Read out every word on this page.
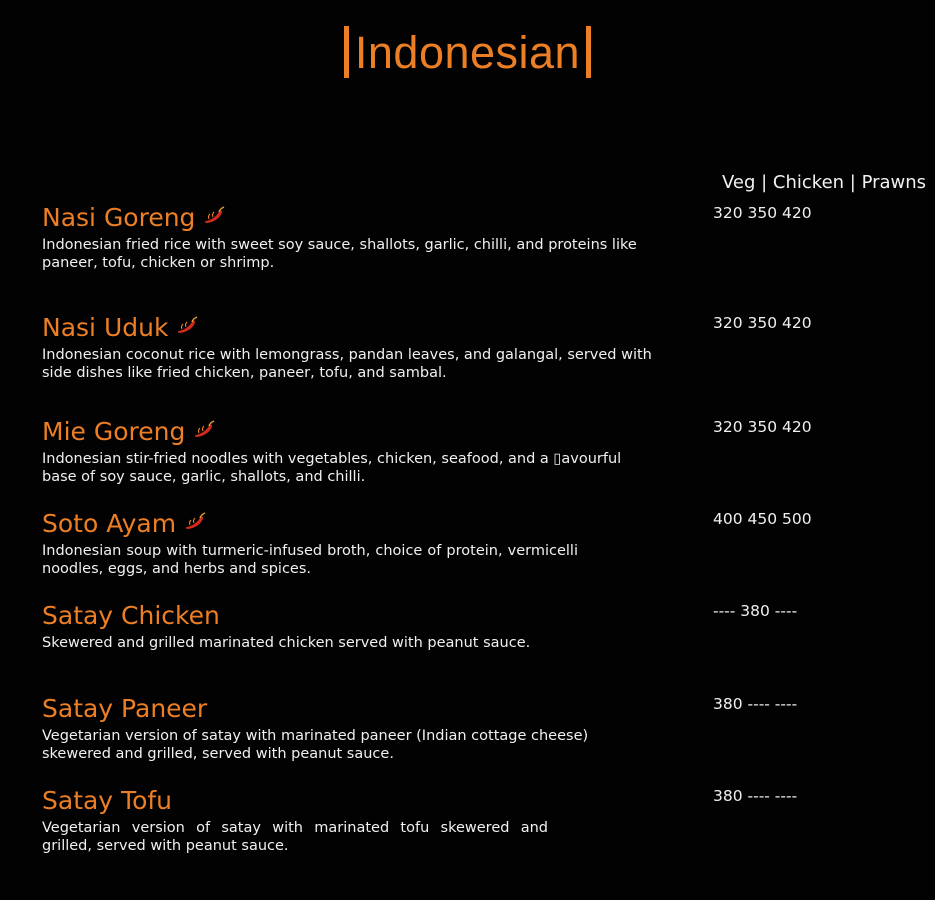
Indonesian
Veg | Chicken | Prawns
Nasi Goreng
Indonesian fried rice with sweet soy sauce, shallots, garlic, chilli, and proteins like paneer, tofu, chicken or shrimp.
320 350 420
Nasi Uduk
Indonesian coconut rice with lemongrass, pandan leaves, and galangal, served with side dishes like fried chicken, paneer, tofu, and sambal.
320 350 420
Mie Goreng
Indonesian stir-fried noodles with vegetables, chicken, seafood, and a ▯avourful base of soy sauce, garlic, shallots, and chilli.
320 350 420
Soto Ayam
Indonesian soup with turmeric-infused broth, choice of protein, vermicelli noodles, eggs, and herbs and spices.
400 450 500
Satay Chicken
Skewered and grilled marinated chicken served with peanut sauce.
---- 380 ----
Satay Paneer
Vegetarian version of satay with marinated paneer (Indian cottage cheese) skewered and grilled, served with peanut sauce.
380 ---- ----
Satay Tofu
Vegetarian version of satay with marinated tofu skewered and grilled, served with peanut sauce.
380 ---- ----
